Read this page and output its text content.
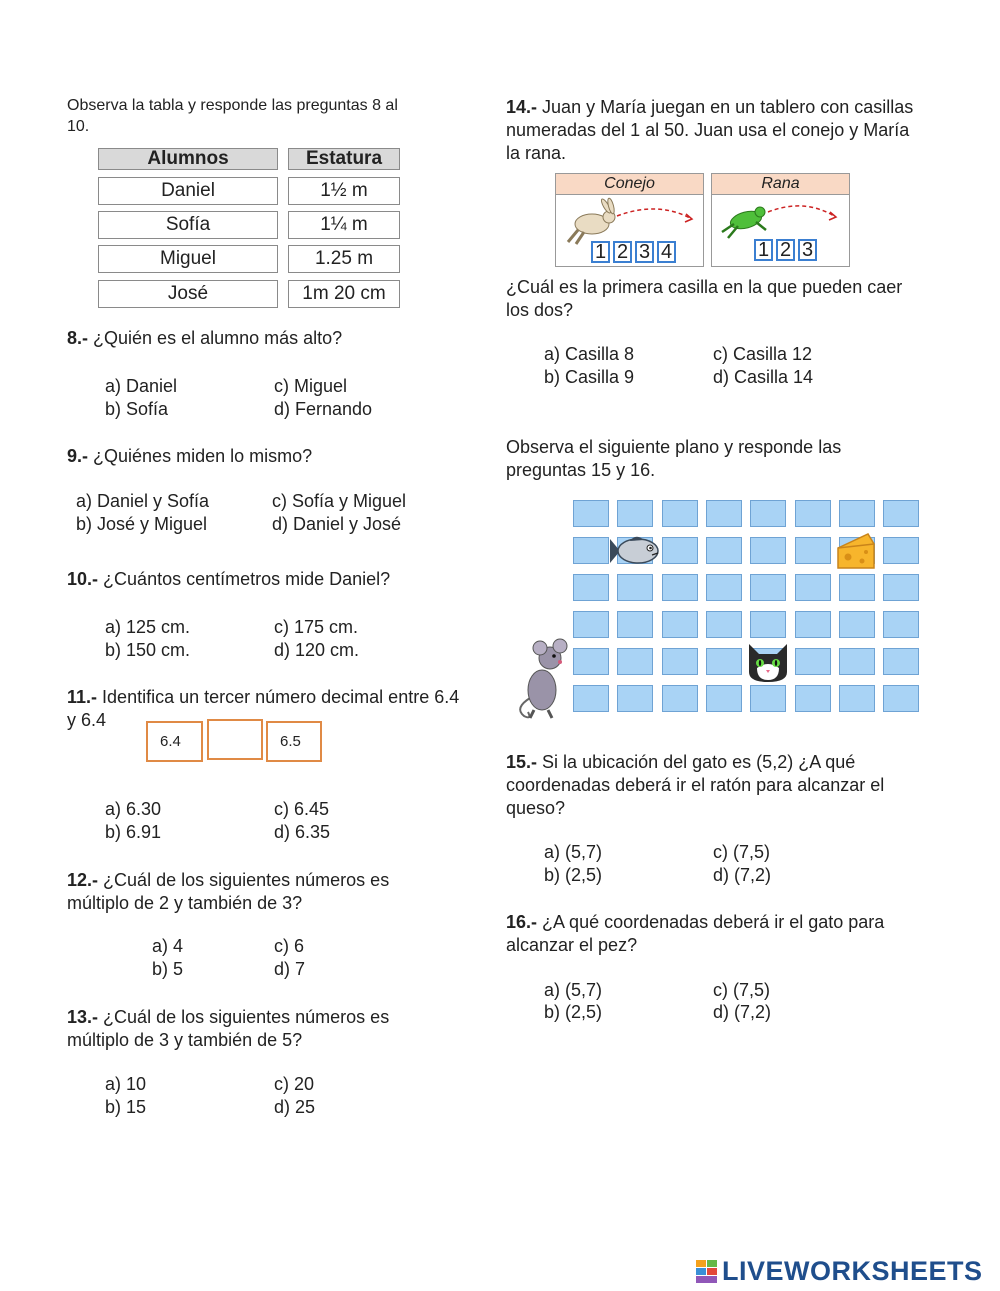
Observa la tabla y responde las preguntas 8 al 10.
Alumnos	Estatura
Daniel	1½ m
Sofía	1¼ m
Miguel	1.25 m
José	1m 20 cm
8.- ¿Quién es el alumno más alto?
a) Daniel
b) Sofía
c) Miguel
d) Fernando
9.- ¿Quiénes miden lo mismo?
a) Daniel y Sofía
b) José y Miguel
c) Sofía y Miguel
d) Daniel y José
10.- ¿Cuántos centímetros mide Daniel?
a) 125 cm.
b) 150 cm.
c) 175 cm.
d) 120 cm.
11.- Identifica un tercer número decimal entre 6.4 y 6.4
6.4	6.5
a) 6.30
b) 6.91
c) 6.45
d) 6.35
12.- ¿Cuál de los siguientes números es múltiplo de 2 y también de 3?
a) 4
b) 5
c) 6
d) 7
13.- ¿Cuál de los siguientes números es múltiplo de 3 y también de 5?
a) 10
b) 15
c) 20
d) 25
14.- Juan y María juegan en un tablero con casillas numeradas del 1 al 50. Juan usa el conejo y María la rana.
Conejo
1 2 3 4
Rana
1 2 3
¿Cuál es la primera casilla en la que pueden caer los dos?
a) Casilla 8
b) Casilla 9
c) Casilla 12
d) Casilla 14
Observa el siguiente plano y responde las preguntas 15 y 16.
15.- Si la ubicación del gato es (5,2) ¿A qué coordenadas deberá ir el ratón para alcanzar el queso?
a) (5,7)
b) (2,5)
c) (7,5)
d) (7,2)
16.- ¿A qué coordenadas deberá ir el gato para alcanzar el pez?
a) (5,7)
b) (2,5)
c) (7,5)
d) (7,2)
LIVEWORKSHEETS
